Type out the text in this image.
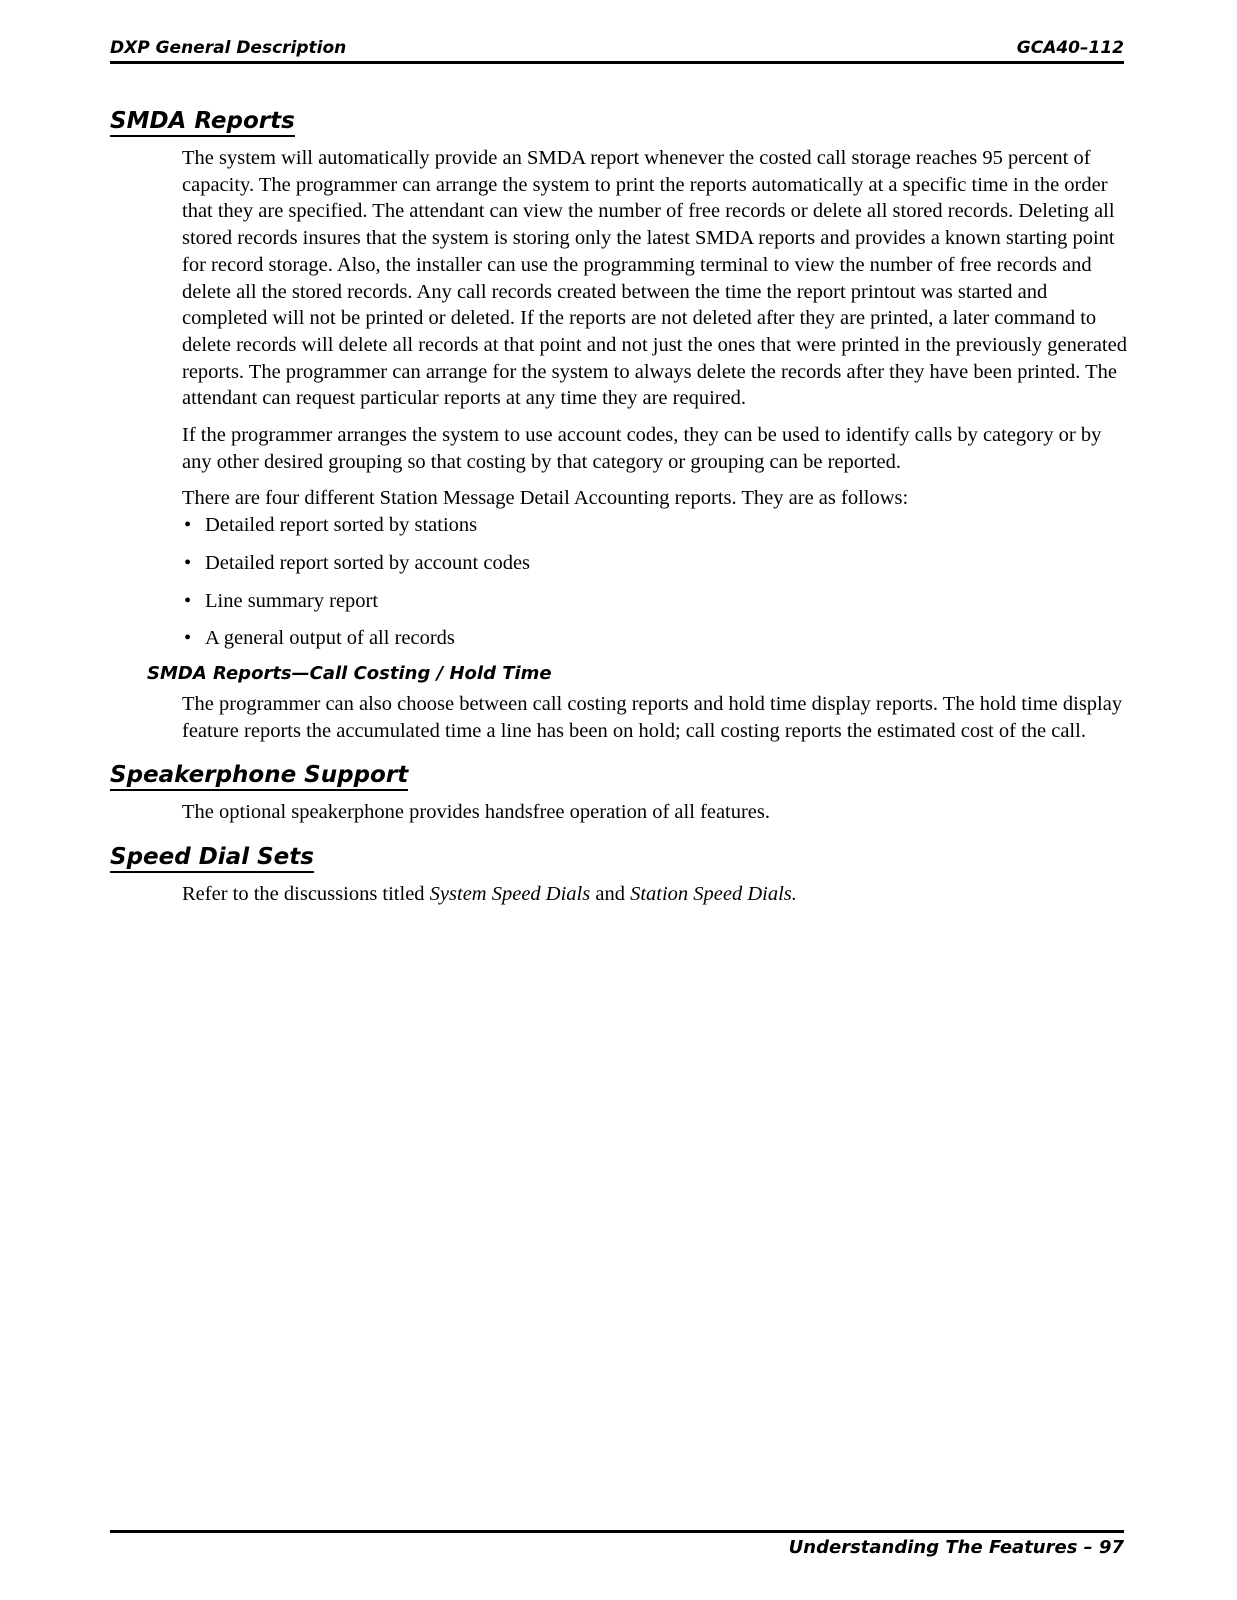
DXP General Description	GCA40–112
SMDA Reports

The system will automatically provide an SMDA report whenever the costed call storage reaches 95 percent of capacity. The programmer can arrange the system to print the reports automatically at a specific time in the order that they are specified. The attendant can view the number of free records or delete all stored records. Deleting all stored records insures that the system is storing only the latest SMDA reports and provides a known starting point for record storage. Also, the installer can use the programming terminal to view the number of free records and delete all the stored records. Any call records created between the time the report printout was started and completed will not be printed or deleted. If the reports are not deleted after they are printed, a later command to delete records will delete all records at that point and not just the ones that were printed in the previously generated reports. The programmer can arrange for the system to always delete the records after they have been printed. The attendant can request particular reports at any time they are required.

If the programmer arranges the system to use account codes, they can be used to identify calls by category or by any other desired grouping so that costing by that category or grouping can be reported.

There are four different Station Message Detail Accounting reports. They are as follows:

• Detailed report sorted by stations
• Detailed report sorted by account codes
• Line summary report
• A general output of all records
SMDA Reports—Call Costing / Hold Time

The programmer can also choose between call costing reports and hold time display reports. The hold time display feature reports the accumulated time a line has been on hold; call costing reports the estimated cost of the call.

Speakerphone Support

The optional speakerphone provides handsfree operation of all features.

Speed Dial Sets

Refer to the discussions titled System Speed Dials and Station Speed Dials.

Understanding The Features – 97
